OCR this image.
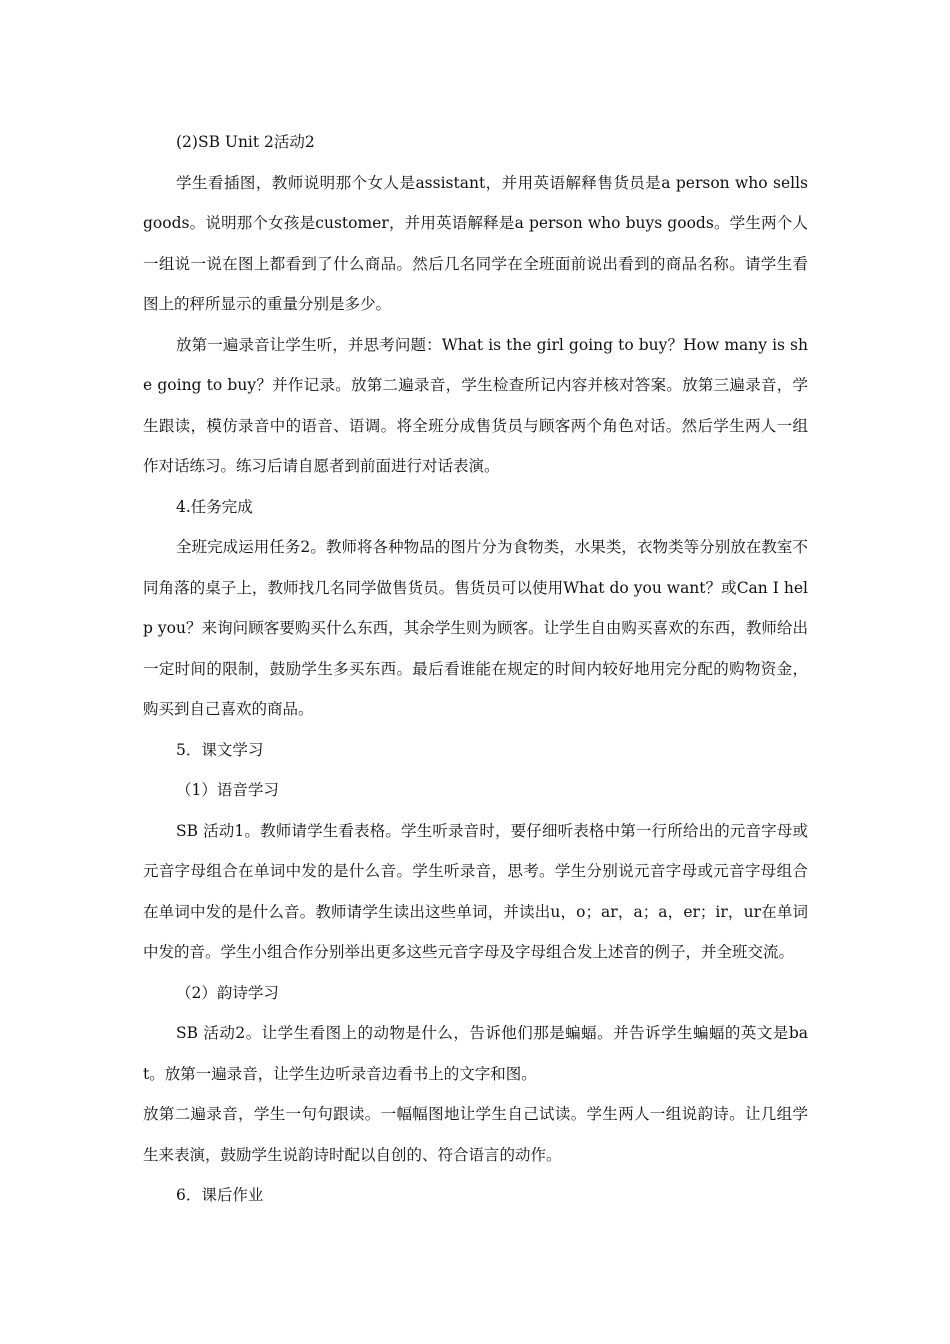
(2)SB Unit 2活动2

学生看插图，教师说明那个女人是assistant，并用英语解释售货员是a person who sells goods。说明那个女孩是customer，并用英语解释是a person who buys goods。学生两个人一组说一说在图上都看到了什么商品。然后几名同学在全班面前说出看到的商品名称。请学生看图上的秤所显示的重量分别是多少。

放第一遍录音让学生听，并思考问题：What is the girl going to buy？How many is she going to buy？并作记录。放第二遍录音，学生检查所记内容并核对答案。放第三遍录音，学生跟读，模仿录音中的语音、语调。将全班分成售货员与顾客两个角色对话。然后学生两人一组作对话练习。练习后请自愿者到前面进行对话表演。

4.任务完成

全班完成运用任务2。教师将各种物品的图片分为食物类，水果类，衣物类等分别放在教室不同角落的桌子上，教师找几名同学做售货员。售货员可以使用What do you want？或Can I help you？来询问顾客要购买什么东西，其余学生则为顾客。让学生自由购买喜欢的东西，教师给出一定时间的限制，鼓励学生多买东西。最后看谁能在规定的时间内较好地用完分配的购物资金，购买到自己喜欢的商品。

5．课文学习

（1）语音学习

SB 活动1。教师请学生看表格。学生听录音时，要仔细听表格中第一行所给出的元音字母或元音字母组合在单词中发的是什么音。学生听录音，思考。学生分别说元音字母或元音字母组合在单词中发的是什么音。教师请学生读出这些单词，并读出u，o；ar，a；a，er；ir，ur在单词中发的音。学生小组合作分别举出更多这些元音字母及字母组合发上述音的例子，并全班交流。

（2）韵诗学习

SB 活动2。让学生看图上的动物是什么，告诉他们那是蝙蝠。并告诉学生蝙蝠的英文是bat。放第一遍录音，让学生边听录音边看书上的文字和图。

放第二遍录音，学生一句句跟读。一幅幅图地让学生自己试读。学生两人一组说韵诗。让几组学生来表演，鼓励学生说韵诗时配以自创的、符合语言的动作。

6．课后作业
